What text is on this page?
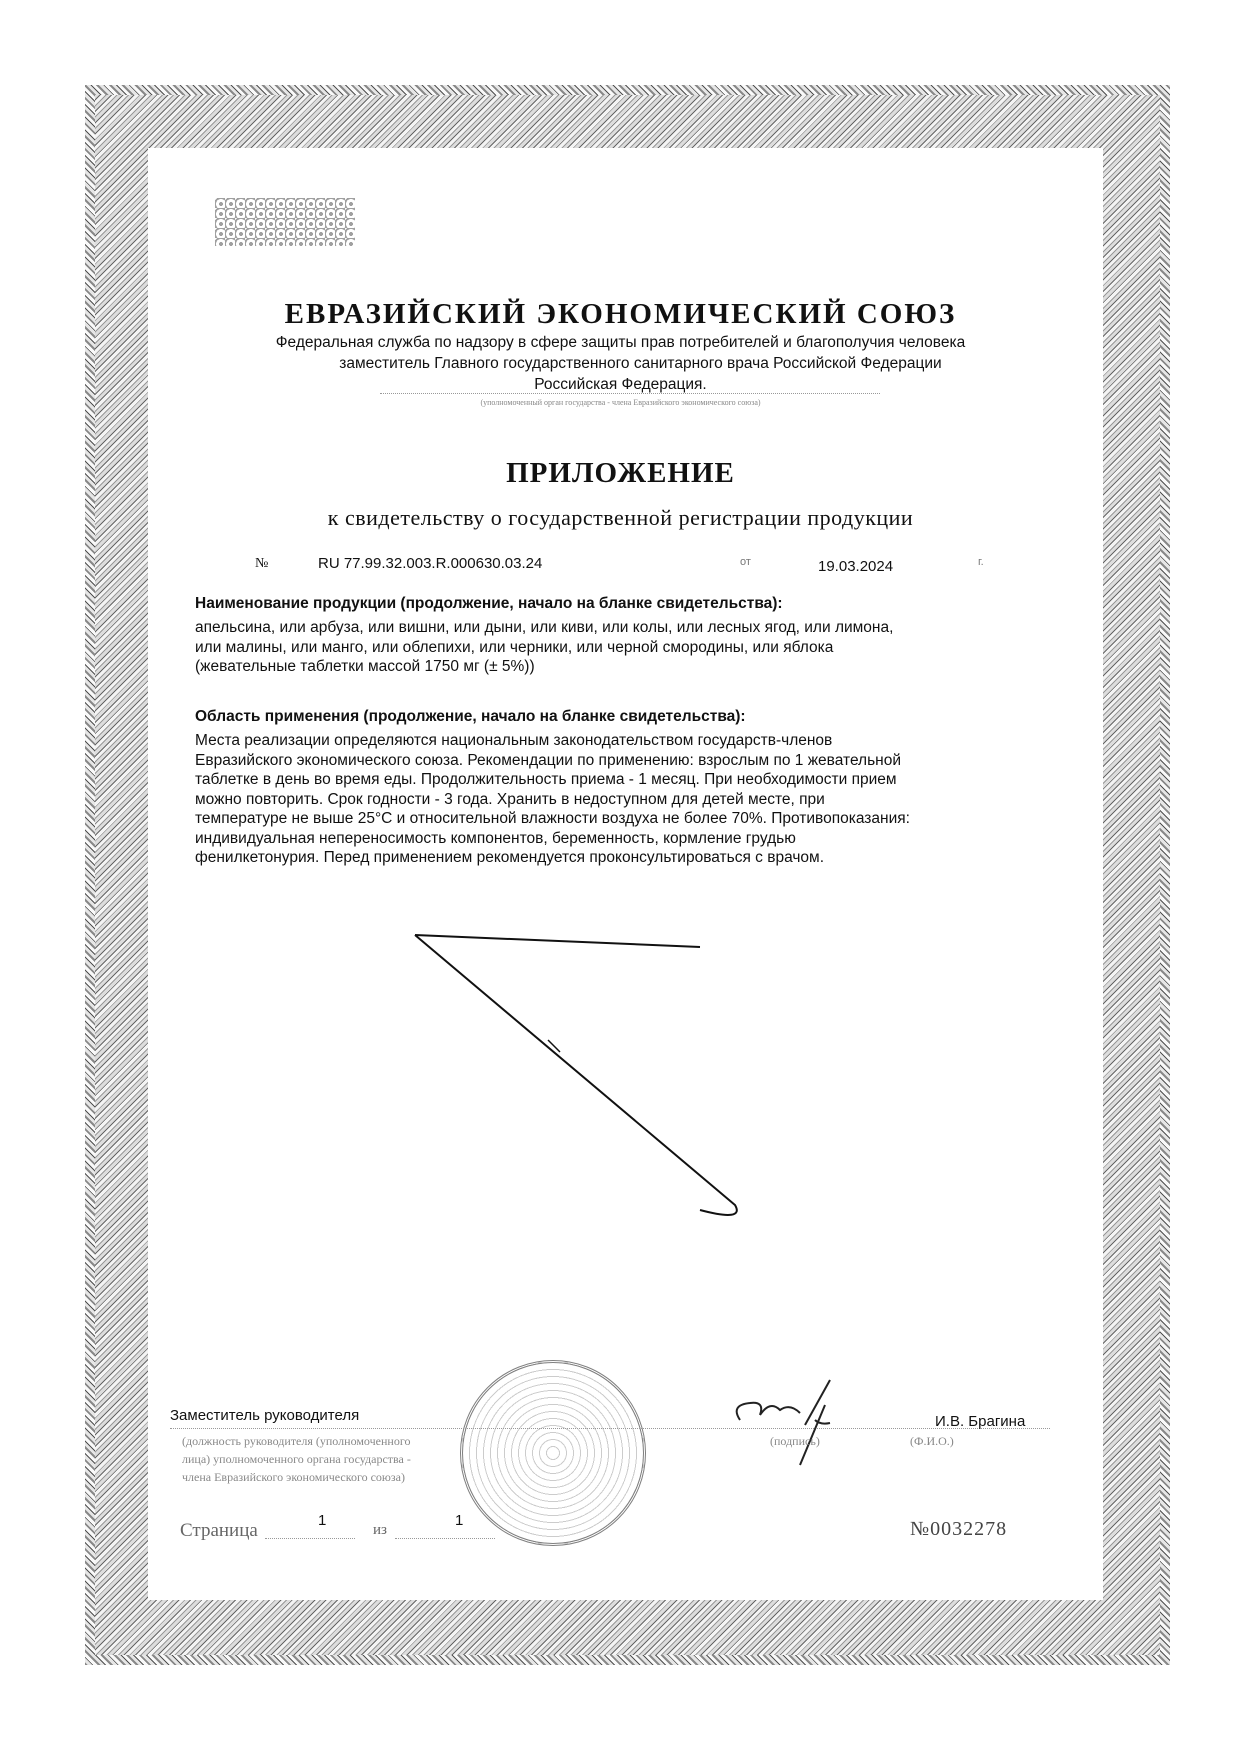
ЕВРАЗИЙСКИЙ ЭКОНОМИЧЕСКИЙ СОЮЗ
Федеральная служба по надзору в сфере защиты прав потребителей и благополучия человека
заместитель Главного государственного санитарного врача Российской Федерации
Российская Федерация.
(уполномоченный орган государства - члена Евразийского экономического союза)
ПРИЛОЖЕНИЕ
к свидетельству о государственной регистрации продукции
№	RU 77.99.32.003.R.000630.03.24	от	19.03.2024	г.
Наименование продукции (продолжение, начало на бланке свидетельства):
апельсина, или арбуза, или вишни, или дыни, или киви, или колы, или лесных ягод, или лимона,
или малины, или манго, или облепихи, или черники, или черной смородины, или яблока
(жевательные таблетки массой 1750 мг (± 5%))
Область применения (продолжение, начало на бланке свидетельства):
Места реализации определяются национальным законодательством государств-членов
Евразийского экономического союза. Рекомендации по применению: взрослым по 1 жевательной
таблетке в день во время еды. Продолжительность приема - 1 месяц. При необходимости прием
можно повторить. Срок годности - 3 года. Хранить в недоступном для детей месте, при
температуре не выше 25°С и относительной влажности воздуха не более 70%. Противопоказания:
индивидуальная непереносимость компонентов, беременность, кормление грудью
фенилкетонурия. Перед применением рекомендуется проконсультироваться с врачом.
Заместитель руководителя
(должность руководителя (уполномоченного
лица) уполномоченного органа государства -
члена Евразийского экономического союза)
(подпись)
И.В. Брагина
(Ф.И.О.)
Страница	1
из
1	№0032278
